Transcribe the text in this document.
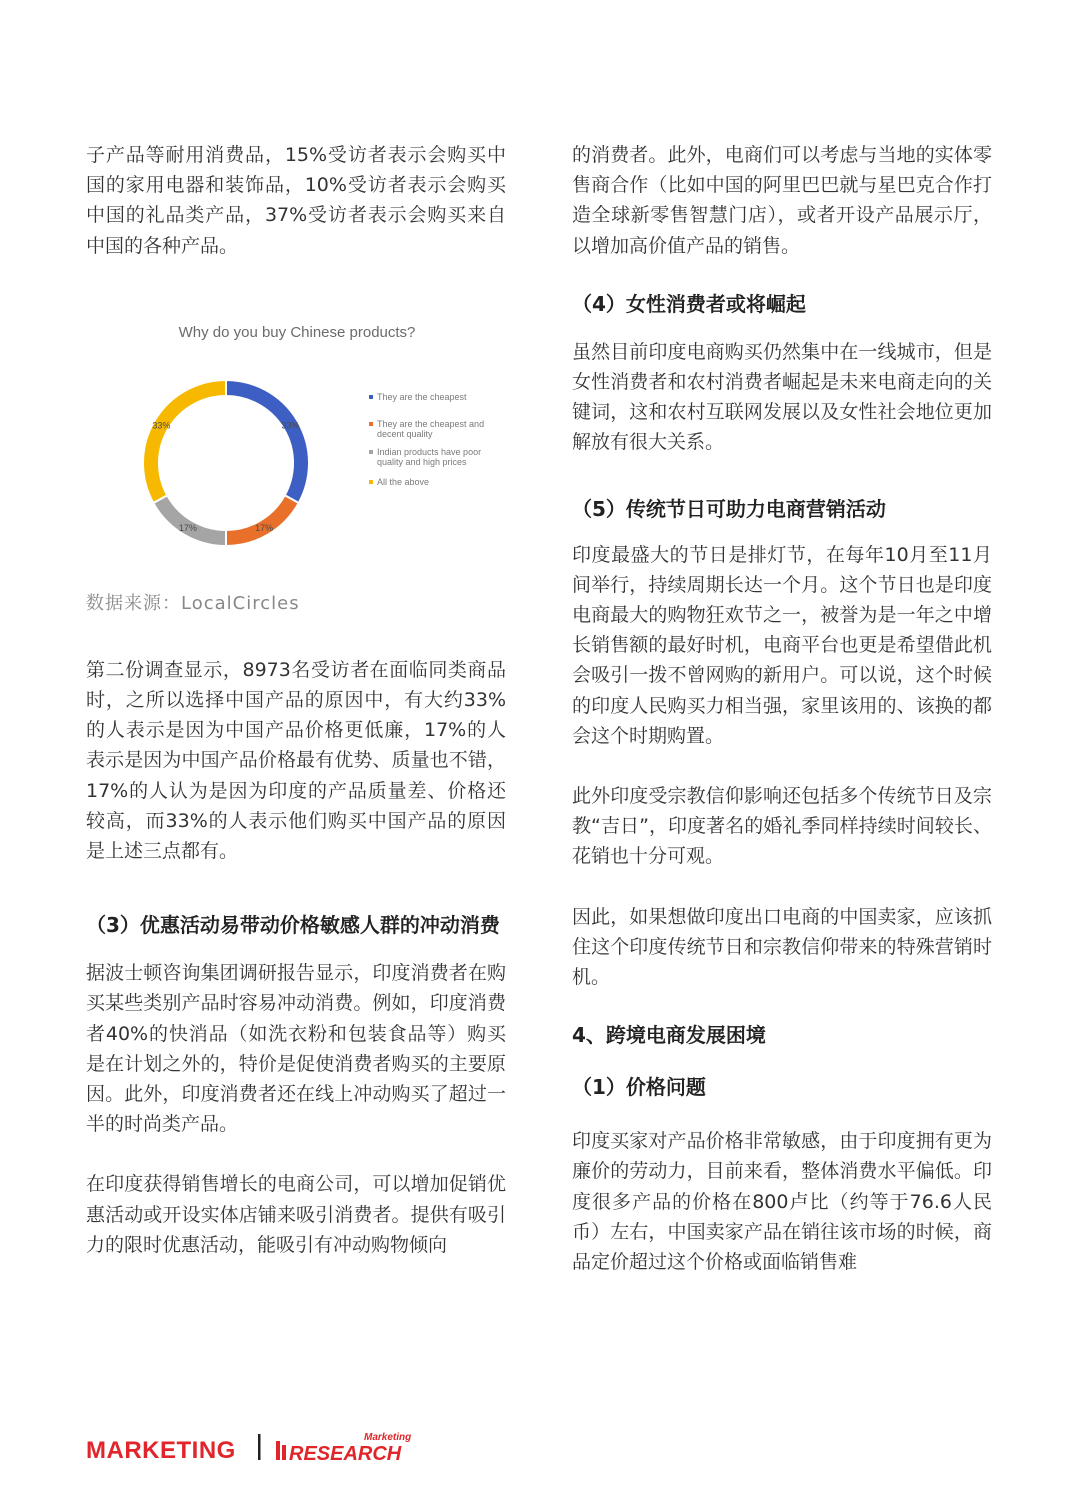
子产品等耐用消费品，15%受访者表示会购买中国的家用电器和装饰品，10%受访者表示会购买中国的礼品类产品，37%受访者表示会购买来自中国的各种产品。

Why do you buy Chinese products?
33%
17%
17%
33%
They are the cheapest
They are the cheapest and
decent quality
Indian products have poor
quality and high prices
All the above
数据来源：LocalCircles

第二份调查显示，8973名受访者在面临同类商品时，之所以选择中国产品的原因中，有大约33%的人表示是因为中国产品价格更低廉，17%的人表示是因为中国产品价格最有优势、质量也不错，17%的人认为是因为印度的产品质量差、价格还较高，而33%的人表示他们购买中国产品的原因是上述三点都有。

（3）优惠活动易带动价格敏感人群的冲动消费

据波士顿咨询集团调研报告显示，印度消费者在购买某些类别产品时容易冲动消费。例如，印度消费者40%的快消品（如洗衣粉和包装食品等）购买是在计划之外的，特价是促使消费者购买的主要原因。此外，印度消费者还在线上冲动购买了超过一半的时尚类产品。

在印度获得销售增长的电商公司，可以增加促销优惠活动或开设实体店铺来吸引消费者。提供有吸引力的限时优惠活动，能吸引有冲动购物倾向

的消费者。此外，电商们可以考虑与当地的实体零售商合作（比如中国的阿里巴巴就与星巴克合作打造全球新零售智慧门店），或者开设产品展示厅，以增加高价值产品的销售。

（4）女性消费者或将崛起

虽然目前印度电商购买仍然集中在一线城市，但是女性消费者和农村消费者崛起是未来电商走向的关键词，这和农村互联网发展以及女性社会地位更加解放有很大关系。

（5）传统节日可助力电商营销活动

印度最盛大的节日是排灯节，在每年10月至11月间举行，持续周期长达一个月。这个节日也是印度电商最大的购物狂欢节之一，被誉为是一年之中增长销售额的最好时机，电商平台也更是希望借此机会吸引一拨不曾网购的新用户。可以说，这个时候的印度人民购买力相当强，家里该用的、该换的都会这个时期购置。

此外印度受宗教信仰影响还包括多个传统节日及宗教“吉日”，印度著名的婚礼季同样持续时间较长、花销也十分可观。

因此，如果想做印度出口电商的中国卖家，应该抓住这个印度传统节日和宗教信仰带来的特殊营销时机。

4、跨境电商发展困境
（1）价格问题

印度买家对产品价格非常敏感，由于印度拥有更为廉价的劳动力，目前来看，整体消费水平偏低。印度很多产品的价格在800卢比（约等于76.6人民币）左右，中国卖家产品在销往该市场的时候，商品定价超过这个价格或面临销售难

MARKETING	RESEARCH
Marketing
